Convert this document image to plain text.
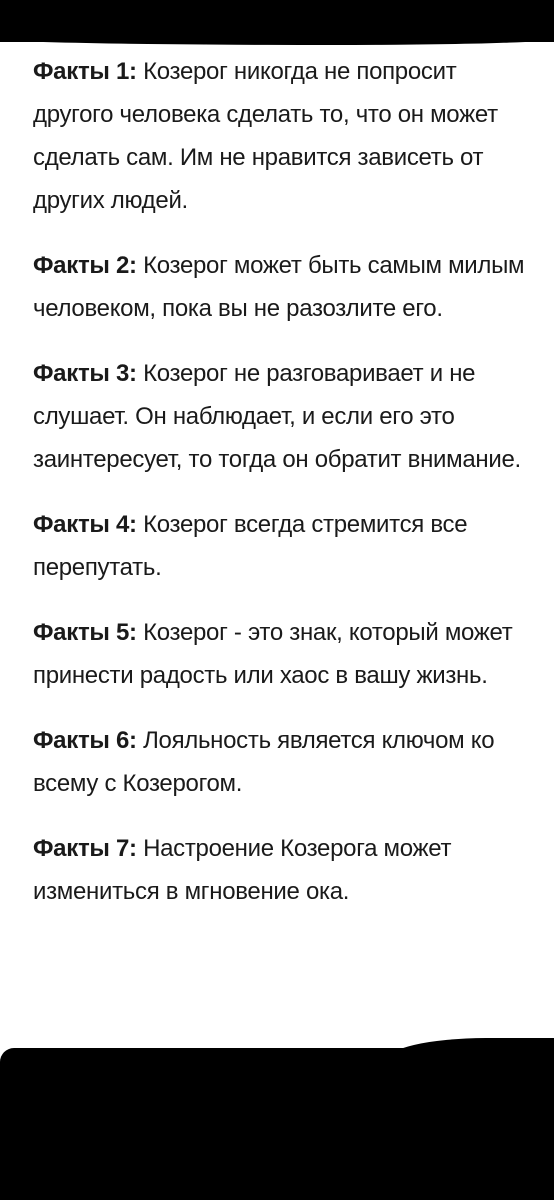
Факты 1: Козерог никогда не попросит другого человека сделать то, что он может сделать сам. Им не нравится зависеть от других людей.

Факты 2: Козерог может быть самым милым человеком, пока вы не разозлите его.

Факты 3: Козерог не разговаривает и не слушает. Он наблюдает, и если его это заинтересует, то тогда он обратит внимание.

Факты 4: Козерог всегда стремится все перепутать.

Факты 5: Козерог - это знак, который может принести радость или хаос в вашу жизнь.

Факты 6: Лояльность является ключом ко всему с Козерогом.

Факты 7: Настроение Козерога может измениться в мгновение ока.
